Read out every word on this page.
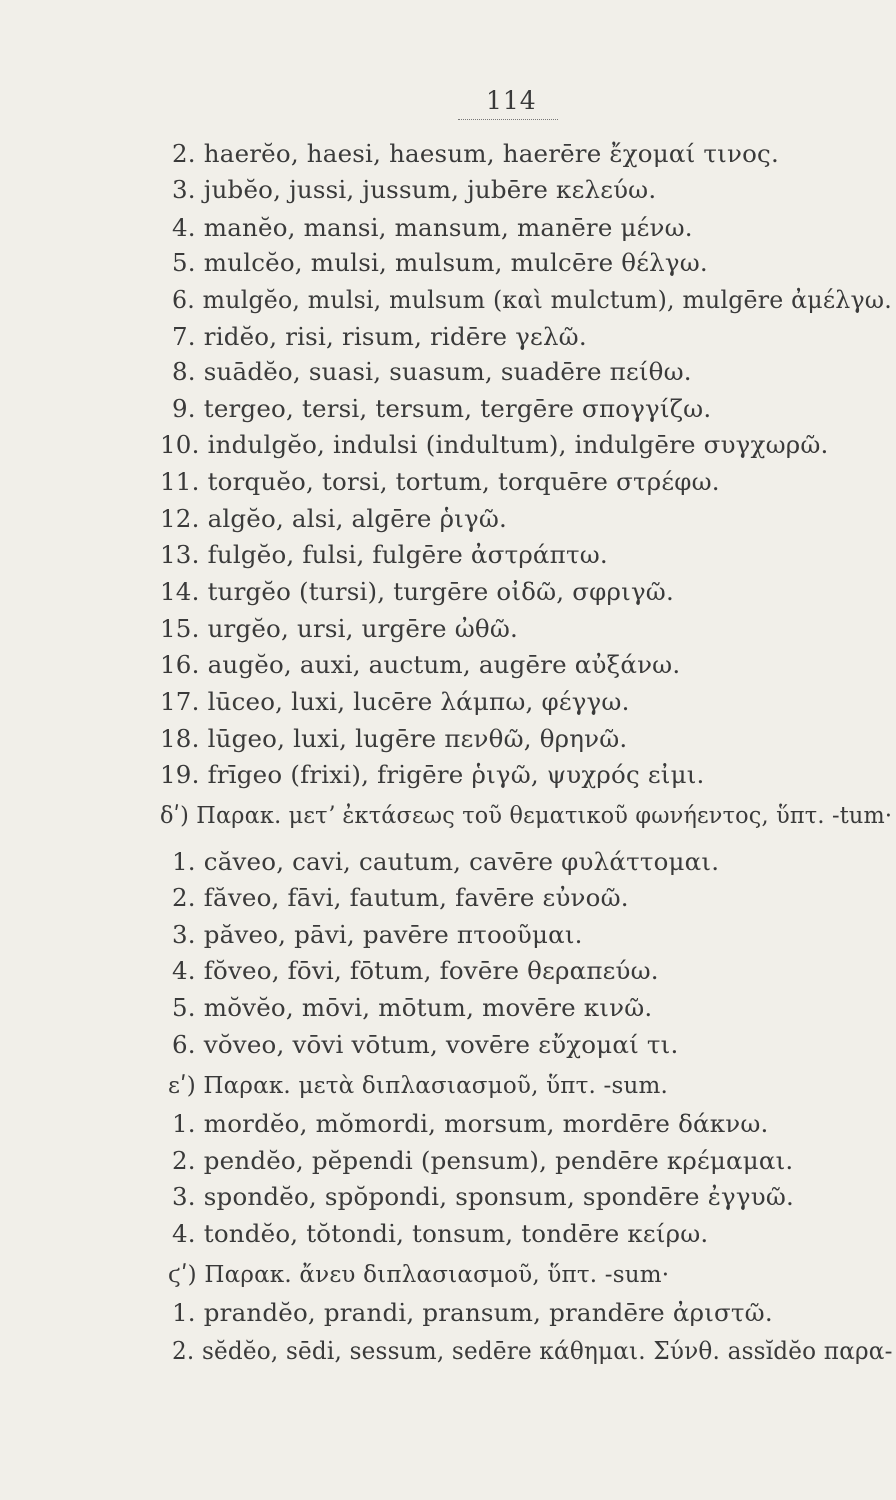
114
2. haerĕo, haesi, haesum, haerēre ἔχομαί τινος.
3. jubĕo, jussi, jussum, jubēre κελεύω.
4. manĕo, mansi, mansum, manēre μένω.
5. mulcĕo, mulsi, mulsum, mulcēre θέλγω.
6. mulgĕo, mulsi, mulsum (καὶ mulctum), mulgēre ἀμέλγω.
7. ridĕo, risi, risum, ridēre γελῶ.
8. suādĕo, suasi, suasum, suadēre πείθω.
9. tergeo, tersi, tersum, tergēre σπογγίζω.
10. indulgĕo, indulsi (indultum), indulgēre συγχωρῶ.
11. torquĕo, torsi, tortum, torquēre στρέφω.
12. algĕo, alsi, algēre ῥιγῶ.
13. fulgĕo, fulsi, fulgēre ἀστράπτω.
14. turgĕo (tursi), turgēre οἰδῶ, σφριγῶ.
15. urgĕo, ursi, urgēre ὠθῶ.
16. augĕo, auxi, auctum, augēre αὐξάνω.
17. lūceo, luxi, lucēre λάμπω, φέγγω.
18. lūgeo, luxi, lugēre πενθῶ, θρηνῶ.
19. frīgeo (frixi), frigēre ῥιγῶ, ψυχρός εἰμι.
δʹ) Παρακ. μετʼ ἐκτάσεως τοῦ θεματικοῦ φωνήεντος, ὕπτ. -tum·
1. căveo, cavi, cautum, cavēre φυλάττομαι.
2. făveo, fāvi, fautum, favēre εὐνοῶ.
3. păveo, pāvi, pavēre πτοοῦμαι.
4. fŏveo, fōvi, fōtum, fovēre θεραπεύω.
5. mŏvĕo, mōvi, mōtum, movēre κινῶ.
6. vŏveo, vōvi vōtum, vovēre εὔχομαί τι.
εʹ) Παρακ. μετὰ διπλασιασμοῦ, ὕπτ. -sum.
1. mordĕo, mŏmordi, morsum, mordēre δάκνω.
2. pendĕo, pĕpendi (pensum), pendēre κρέμαμαι.
3. spondĕo, spŏpondi, sponsum, spondēre ἐγγυῶ.
4. tondĕo, tŏtondi, tonsum, tondēre κείρω.
ϛʹ) Παρακ. ἄνευ διπλασιασμοῦ, ὕπτ. -sum·
1. prandĕo, prandi, pransum, prandēre ἀριστῶ.
2. sĕdĕo, sēdi, sessum, sedēre κάθημαι. Σύνθ. assĭdĕo παρα-
